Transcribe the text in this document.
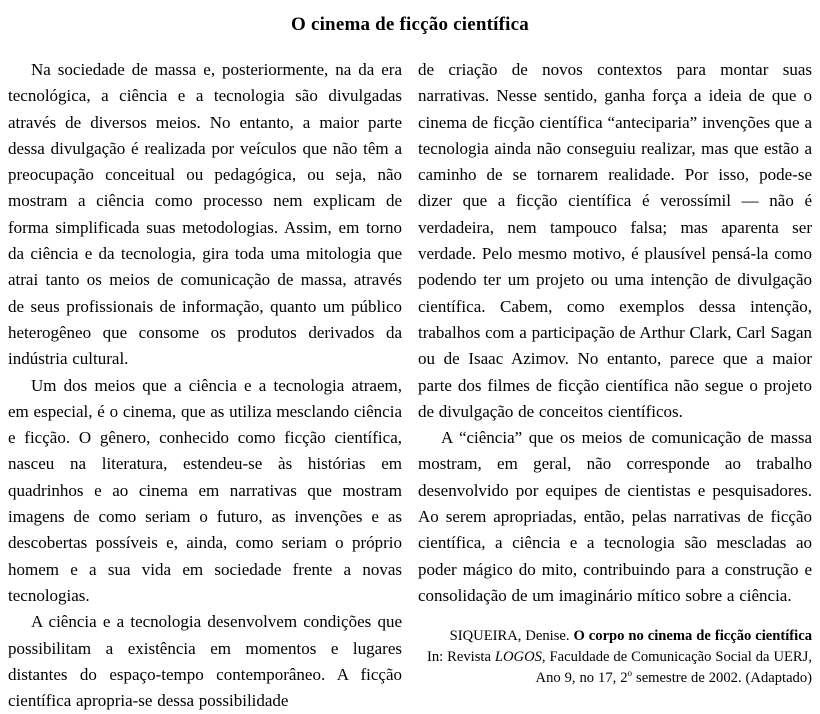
O cinema de ficção científica

Na sociedade de massa e, posteriormente, na da era tecnológica, a ciência e a tecnologia são divulgadas através de diversos meios. No entanto, a maior parte dessa divulgação é realizada por veículos que não têm a preocupação conceitual ou pedagógica, ou seja, não mostram a ciência como processo nem explicam de forma simplificada suas metodologias. Assim, em torno da ciência e da tecnologia, gira toda uma mitologia que atrai tanto os meios de comunicação de massa, através de seus profissionais de informação, quanto um público heterogêneo que consome os produtos derivados da indústria cultural.

Um dos meios que a ciência e a tecnologia atraem, em especial, é o cinema, que as utiliza mesclando ciência e ficção. O gênero, conhecido como ficção científica, nasceu na literatura, estendeu-se às histórias em quadrinhos e ao cinema em narrativas que mostram imagens de como seriam o futuro, as invenções e as descobertas possíveis e, ainda, como seriam o próprio homem e a sua vida em sociedade frente a novas tecnologias.

A ciência e a tecnologia desenvolvem condições que possibilitam a existência em momentos e lugares distantes do espaço-tempo contemporâneo. A ficção científica apropria-se dessa possibilidade

de criação de novos contextos para montar suas narrativas. Nesse sentido, ganha força a ideia de que o cinema de ficção científica “anteciparia” invenções que a tecnologia ainda não conseguiu realizar, mas que estão a caminho de se tornarem realidade. Por isso, pode-se dizer que a ficção científica é verossímil — não é verdadeira, nem tampouco falsa; mas aparenta ser verdade. Pelo mesmo motivo, é plausível pensá-la como podendo ter um projeto ou uma intenção de divulgação científica. Cabem, como exemplos dessa intenção, trabalhos com a participação de Arthur Clark, Carl Sagan ou de Isaac Azimov. No entanto, parece que a maior parte dos filmes de ficção científica não segue o projeto de divulgação de conceitos científicos.

A “ciência” que os meios de comunicação de massa mostram, em geral, não corresponde ao trabalho desenvolvido por equipes de cientistas e pesquisadores. Ao serem apropriadas, então, pelas narrativas de ficção científica, a ciência e a tecnologia são mescladas ao poder mágico do mito, contribuindo para a construção e consolidação de um imaginário mítico sobre a ciência.

SIQUEIRA, Denise. O corpo no cinema de ficção científica
In: Revista LOGOS, Faculdade de Comunicação Social da UERJ,
Ano 9, no 17, 2$^o$ semestre de 2002. (Adaptado)
